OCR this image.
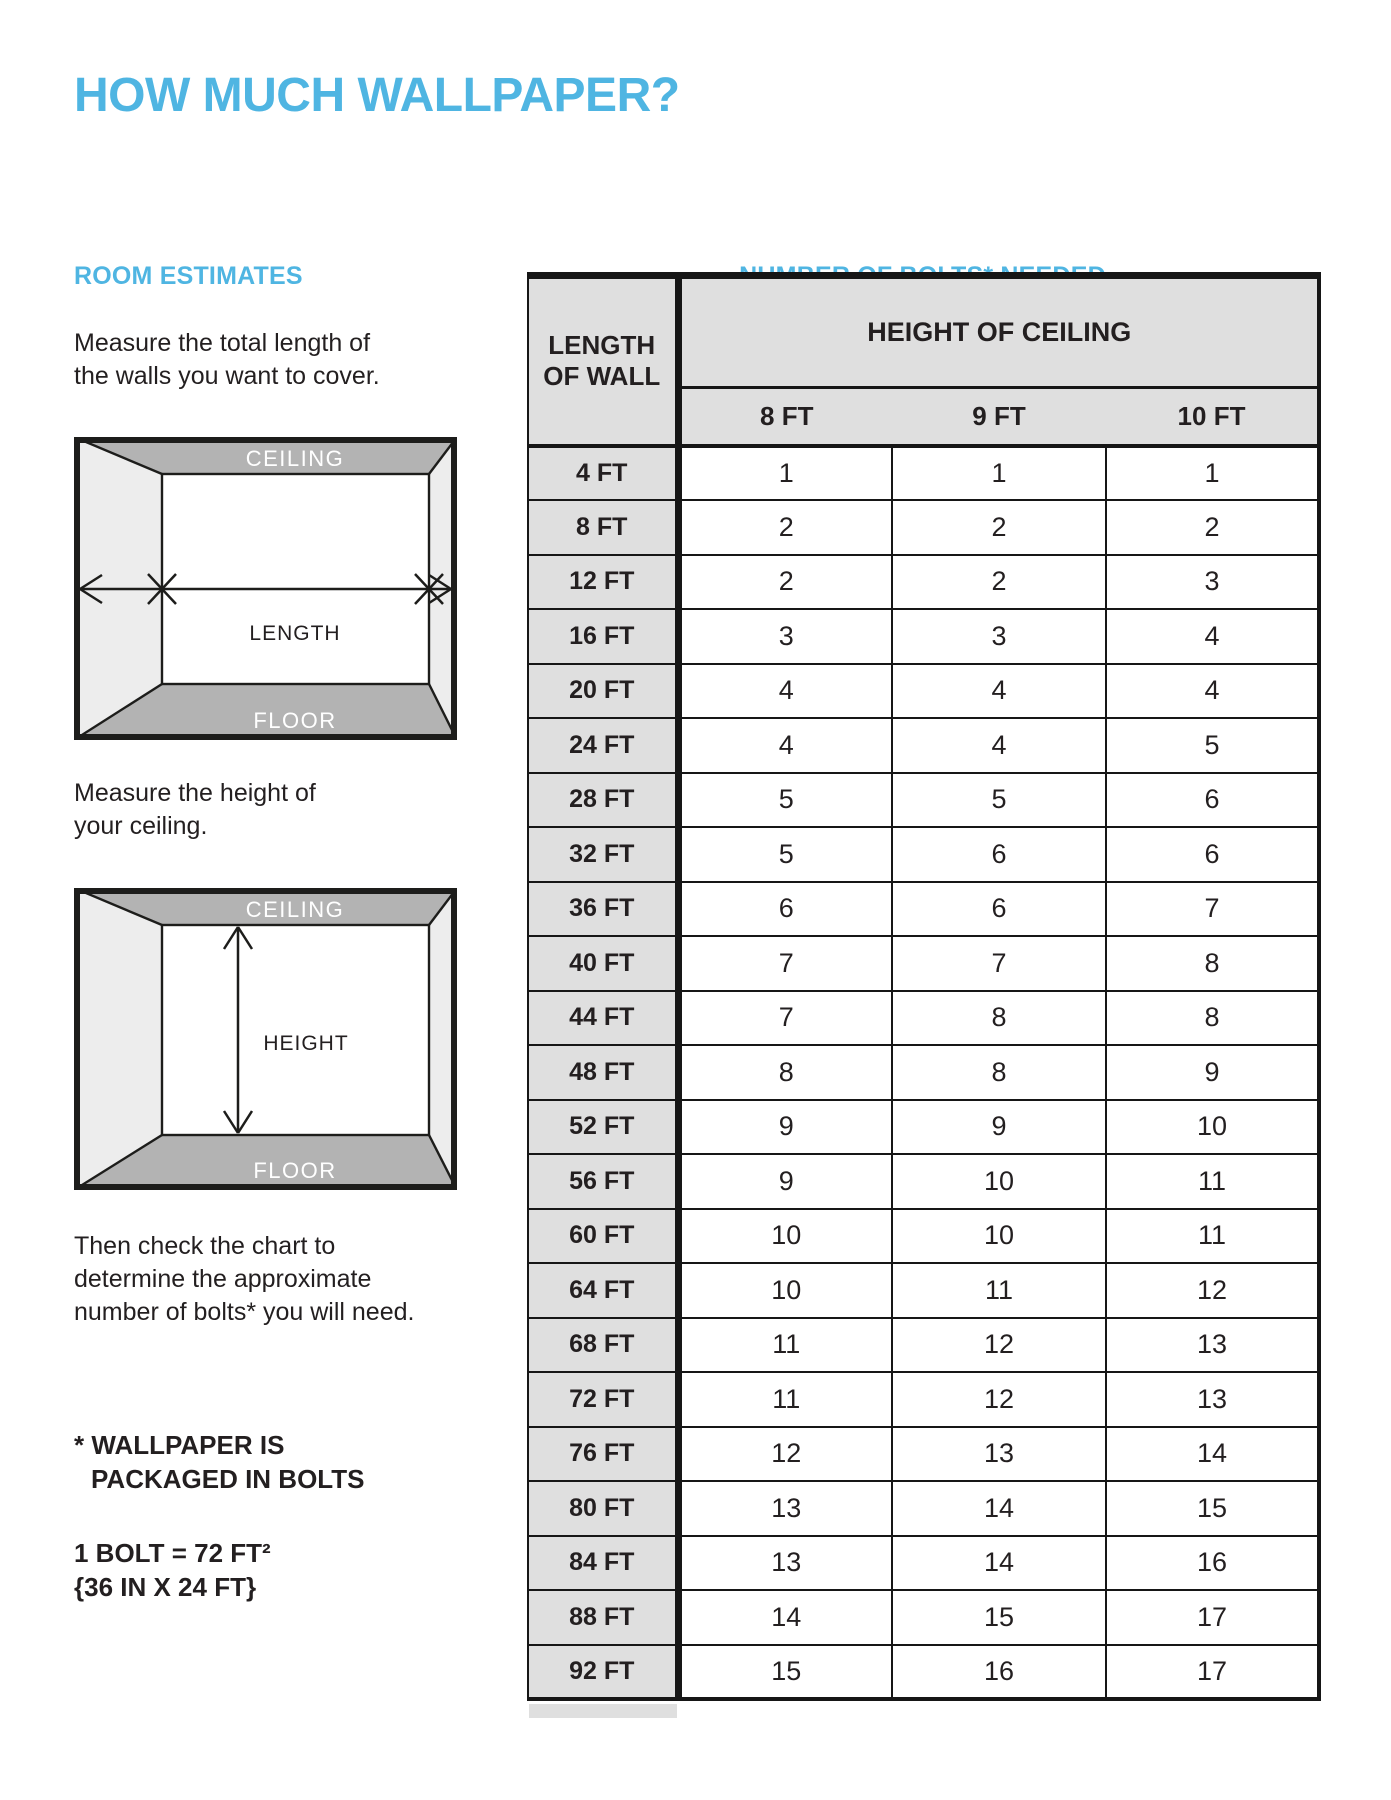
HOW MUCH WALLPAPER?
ROOM ESTIMATES
Measure the total length of
the walls you want to cover.
CEILING
FLOOR
LENGTH
Measure the height of
your ceiling.
CEILING
FLOOR
HEIGHT
Then check the chart to
determine the approximate
number of bolts* you will need.
* WALLPAPER IS
PACKAGED IN BOLTS
1 BOLT = 72 FT²
{36 IN X 24 FT}
LENGTH
OF WALL	HEIGHT OF CEILING		
	8 FT	9 FT	10 FT
4 FT	1	1	1
8 FT	2	2	2
12 FT	2	2	3
16 FT	3	3	4
20 FT	4	4	4
24 FT	4	4	5
28 FT	5	5	6
32 FT	5	6	6
36 FT	6	6	7
40 FT	7	7	8
44 FT	7	8	8
48 FT	8	8	9
52 FT	9	9	10
56 FT	9	10	11
60 FT	10	10	11
64 FT	10	11	12
68 FT	11	12	13
72 FT	11	12	13
76 FT	12	13	14
80 FT	13	14	15
84 FT	13	14	16
88 FT	14	15	17
92 FT	15	16	17
